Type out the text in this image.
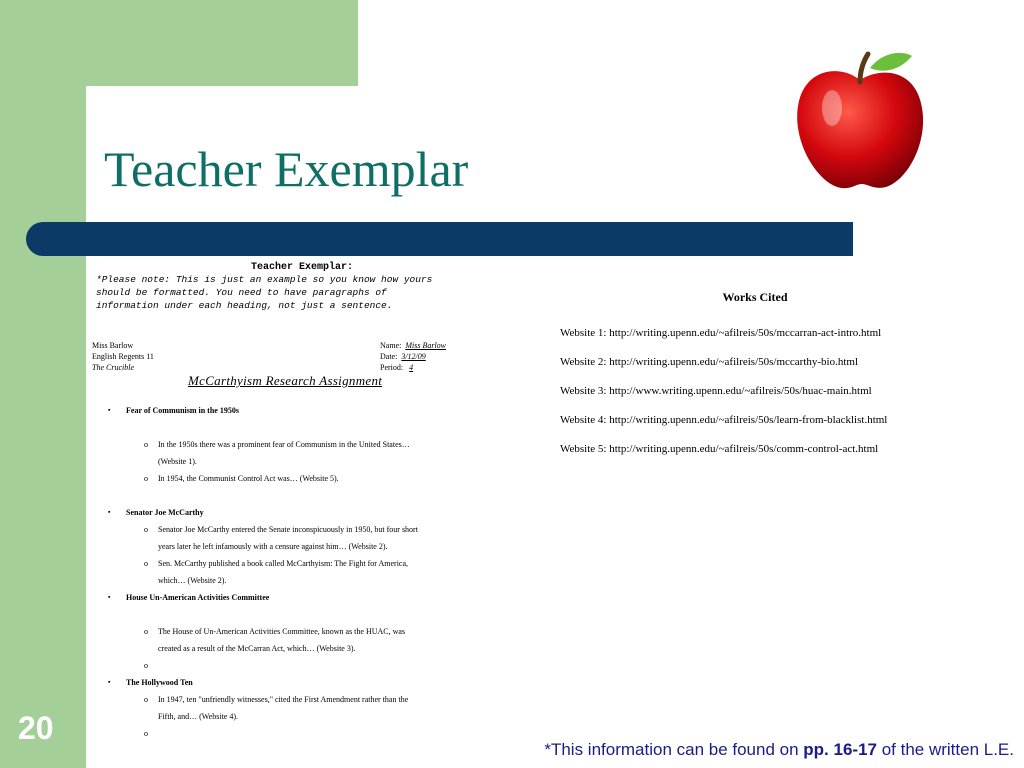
Teacher Exemplar
Teacher Exemplar:
*Please note: This is just an example so you know how yours
should be formatted. You need to have paragraphs of
information under each heading, not just a sentence.
Miss Barlow
English Regents 11
The Crucible
Name: Miss Barlow
Date: 3/12/09
Period: 4
McCarthyism Research Assignment
▪ Fear of Communism in the 1950s
o In the 1950s there was a prominent fear of Communism in the United States…
(Website 1).
o In 1954, the Communist Control Act was… (Website 5).
▪ Senator Joe McCarthy
o Senator Joe McCarthy entered the Senate inconspicuously in 1950, but four short
years later he left infamously with a censure against him… (Website 2).
o Sen. McCarthy published a book called McCarthyism: The Fight for America,
which… (Website 2).
▪ House Un-American Activities Committee
o The House of Un-American Activities Committee, known as the HUAC, was
created as a result of the McCarran Act, which… (Website 3).
▪ The Hollywood Ten
o In 1947, ten "unfriendly witnesses," cited the First Amendment rather than the
Fifth, and… (Website 4).
Works Cited
Website 1: http://writing.upenn.edu/~afilreis/50s/mccarran-act-intro.html
Website 2: http://writing.upenn.edu/~afilreis/50s/mccarthy-bio.html
Website 3: http://www.writing.upenn.edu/~afilreis/50s/huac-main.html
Website 4: http://writing.upenn.edu/~afilreis/50s/learn-from-blacklist.html
Website 5: http://writing.upenn.edu/~afilreis/50s/comm-control-act.html
20
*This information can be found on pp. 16-17 of the written L.E.
